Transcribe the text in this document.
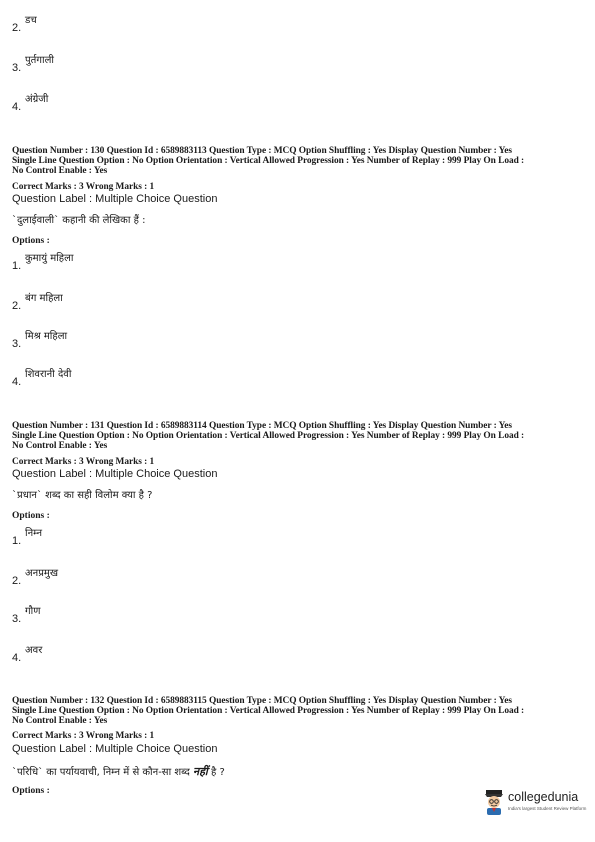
2.
डच
3.
पुर्तगाली
4.
अंग्रेजी
Question Number : 130 Question Id : 6589883113 Question Type : MCQ Option Shuffling : Yes Display Question Number : Yes
Single Line Question Option : No Option Orientation : Vertical Allowed Progression : Yes Number of Replay : 999 Play On Load :
No Control Enable : Yes
Correct Marks : 3 Wrong Marks : 1
Question Label : Multiple Choice Question
`दुलाईवाली` कहानी की लेखिका हैं :
Options :
1.
कुमायुं महिला
2.
बंग महिला
3.
मिश्र महिला
4.
शिवरानी देवी
Question Number : 131 Question Id : 6589883114 Question Type : MCQ Option Shuffling : Yes Display Question Number : Yes
Single Line Question Option : No Option Orientation : Vertical Allowed Progression : Yes Number of Replay : 999 Play On Load :
No Control Enable : Yes
Correct Marks : 3 Wrong Marks : 1
Question Label : Multiple Choice Question
`प्रधान` शब्द का सही विलोम क्या है ?
Options :
1.
निम्न
2.
अनप्रमुख
3.
गौण
4.
अवर
Question Number : 132 Question Id : 6589883115 Question Type : MCQ Option Shuffling : Yes Display Question Number : Yes
Single Line Question Option : No Option Orientation : Vertical Allowed Progression : Yes Number of Replay : 999 Play On Load :
No Control Enable : Yes
Correct Marks : 3 Wrong Marks : 1
Question Label : Multiple Choice Question
`परिधि` का पर्यायवाची, निम्न में से कौन-सा शब्द नहीं है ?
Options :	collegedunia
India's largest Student Review Platform
